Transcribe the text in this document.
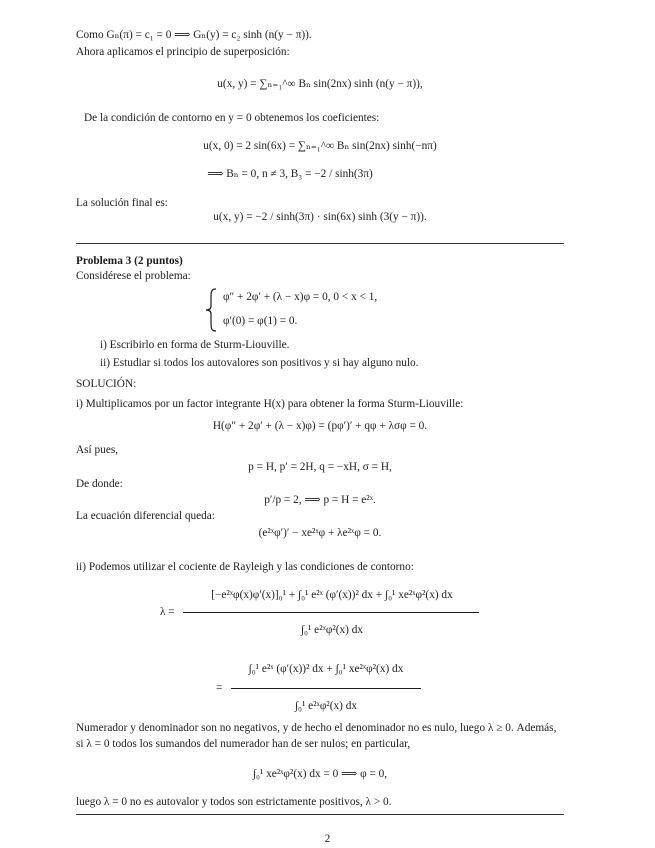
Como Gₙ(π) = c₁ = 0 ⟹ Gₙ(y) = c₂ sinh (n(y − π)).
Ahora aplicamos el principio de superposición:
u(x, y) = ∑ₙ₌₁^∞ Bₙ sin(2nx) sinh (n(y − π)),
De la condición de contorno en y = 0 obtenemos los coeficientes:
u(x, 0) = 2 sin(6x) = ∑ₙ₌₁^∞ Bₙ sin(2nx) sinh(−nπ)
⟹ Bₙ = 0, n ≠ 3, B₃ = −2 / sinh(3π)
La solución final es:
u(x, y) = −2 / sinh(3π) · sin(6x) sinh (3(y − π)).
Problema 3 (2 puntos)
Considérese el problema:
φ″ + 2φ′ + (λ − x)φ = 0, 0 < x < 1,
φ′(0) = φ(1) = 0.
i) Escribirlo en forma de Sturm-Liouville.
ii) Estudiar si todos los autovalores son positivos y si hay alguno nulo.
SOLUCIÓN:
i) Multiplicamos por un factor integrante H(x) para obtener la forma Sturm-Liouville:
H(φ″ + 2φ′ + (λ − x)φ) = (pφ′)′ + qφ + λσφ = 0.
Así pues,
p = H, p′ = 2H, q = −xH, σ = H,
De donde:
p′/p = 2, ⟹ p = H = e²ˣ.
La ecuación diferencial queda:
(e²ˣφ′)′ − xe²ˣφ + λe²ˣφ = 0.
ii) Podemos utilizar el cociente de Rayleigh y las condiciones de contorno:
λ =
[−e²ˣφ(x)φ′(x)]₀¹ + ∫₀¹ e²ˣ (φ′(x))² dx + ∫₀¹ xe²ˣφ²(x) dx
∫₀¹ e²ˣφ²(x) dx
=
∫₀¹ e²ˣ (φ′(x))² dx + ∫₀¹ xe²ˣφ²(x) dx
∫₀¹ e²ˣφ²(x) dx
Numerador y denominador son no negativos, y de hecho el denominador no es nulo, luego λ ≥ 0. Además,
si λ = 0 todos los sumandos del numerador han de ser nulos; en particular,
∫₀¹ xe²ˣφ²(x) dx = 0 ⟹ φ = 0,
luego λ = 0 no es autovalor y todos son estrictamente positivos, λ > 0.
2
